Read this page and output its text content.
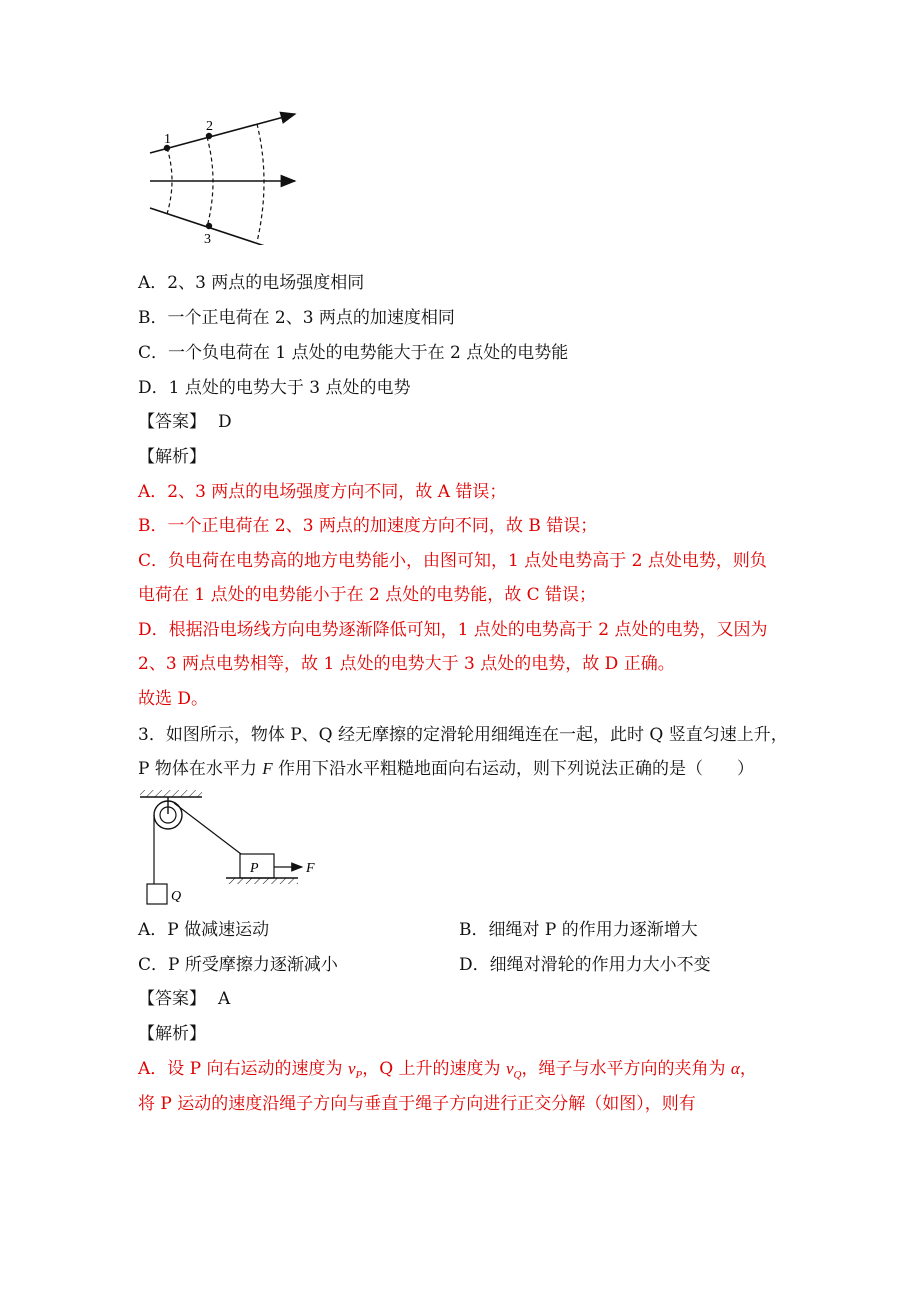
1
2
3
A．2、3 两点的电场强度相同
B．一个正电荷在 2、3 两点的加速度相同
C．一个负电荷在 1 点处的电势能大于在 2 点处的电势能
D．1 点处的电势大于 3 点处的电势
【答案】 D
【解析】
A．2、3 两点的电场强度方向不同，故 A 错误；
B．一个正电荷在 2、3 两点的加速度方向不同，故 B 错误；
C．负电荷在电势高的地方电势能小，由图可知，1 点处电势高于 2 点处电势，则负
电荷在 1 点处的电势能小于在 2 点处的电势能，故 C 错误；
D．根据沿电场线方向电势逐渐降低可知，1 点处的电势高于 2 点处的电势，又因为
2、3 两点电势相等，故 1 点处的电势大于 3 点处的电势，故 D 正确。
故选 D。
3．如图所示，物体 P、Q 经无摩擦的定滑轮用细绳连在一起，此时 Q 竖直匀速上升，
P 物体在水平力 F 作用下沿水平粗糙地面向右运动，则下列说法正确的是（　　）
Q
P	F
A．P 做减速运动	B．细绳对 P 的作用力逐渐增大
C．P 所受摩擦力逐渐减小	D．细绳对滑轮的作用力大小不变
【答案】 A
【解析】
A．设 P 向右运动的速度为 $v_P$，Q 上升的速度为 $v_Q$，绳子与水平方向的夹角为 α，
将 P 运动的速度沿绳子方向与垂直于绳子方向进行正交分解（如图），则有
